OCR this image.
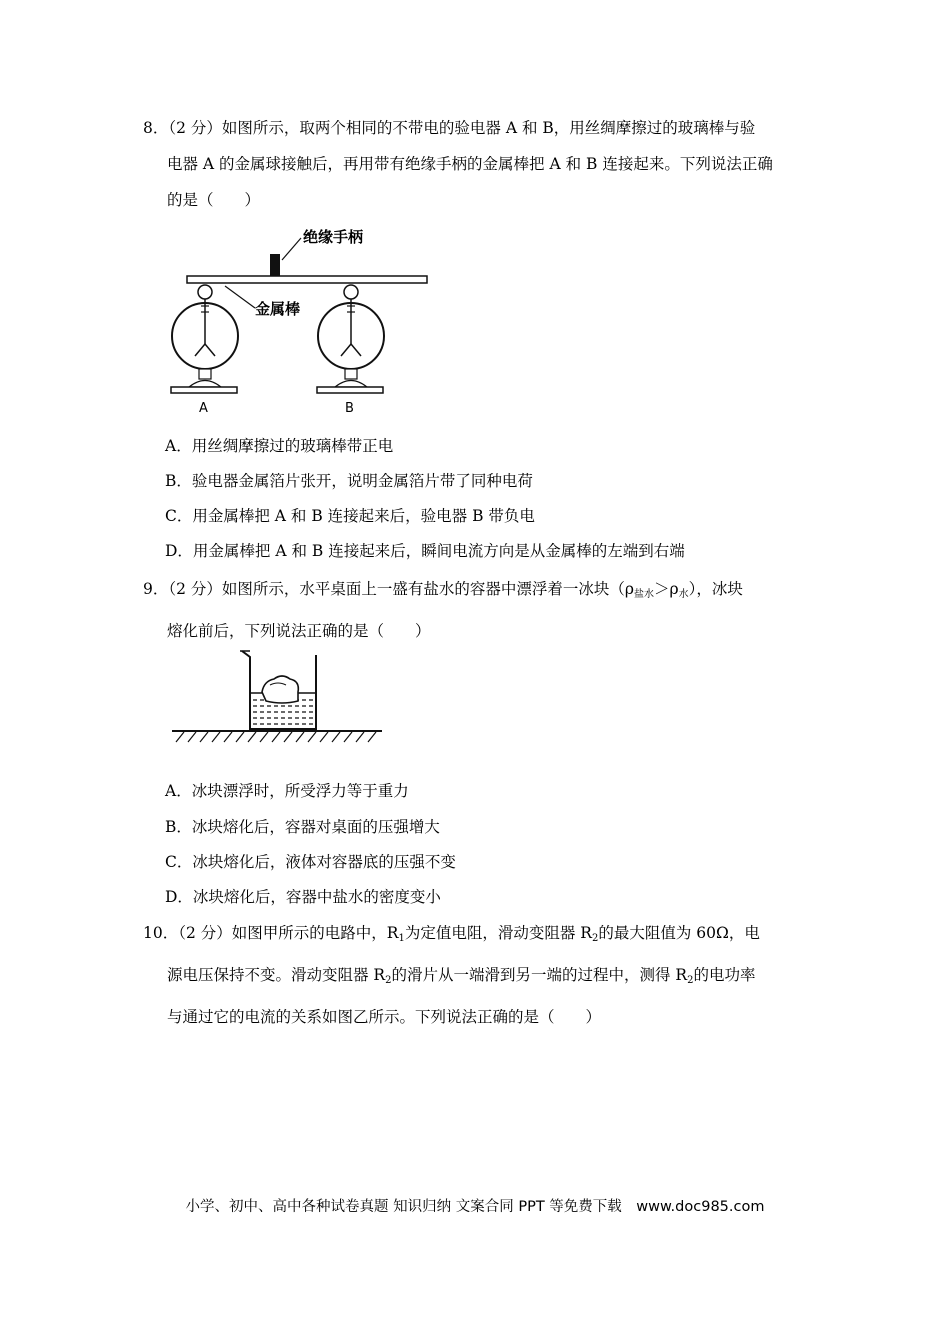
8．（2 分）如图所示，取两个相同的不带电的验电器 A 和 B，用丝绸摩擦过的玻璃棒与验
电器 A 的金属球接触后，再用带有绝缘手柄的金属棒把 A 和 B 连接起来。下列说法正确
的是（　　）
绝缘手柄
金属棒
A	B
A．用丝绸摩擦过的玻璃棒带正电
B．验电器金属箔片张开，说明金属箔片带了同种电荷
C．用金属棒把 A 和 B 连接起来后，验电器 B 带负电
D．用金属棒把 A 和 B 连接起来后，瞬间电流方向是从金属棒的左端到右端
9．（2 分）如图所示，水平桌面上一盛有盐水的容器中漂浮着一冰块$(\rho_{盐水}>\rho_水)$，冰块
熔化前后，下列说法正确的是（　　）
A．冰块漂浮时，所受浮力等于重力
B．冰块熔化后，容器对桌面的压强增大
C．冰块熔化后，液体对容器底的压强不变
D．冰块熔化后，容器中盐水的密度变小
10．（2 分）如图甲所示的电路中，$R_1$为定值电阻，滑动变阻器 $R_2$的最大阻值为 60Ω，电
源电压保持不变。滑动变阻器 $R_2$的滑片从一端滑到另一端的过程中，测得 $R_2$的电功率
与通过它的电流的关系如图乙所示。下列说法正确的是（　　）
小学、初中、高中各种试卷真题 知识归纳 文案合同 PPT 等免费下载　www.doc985.com
